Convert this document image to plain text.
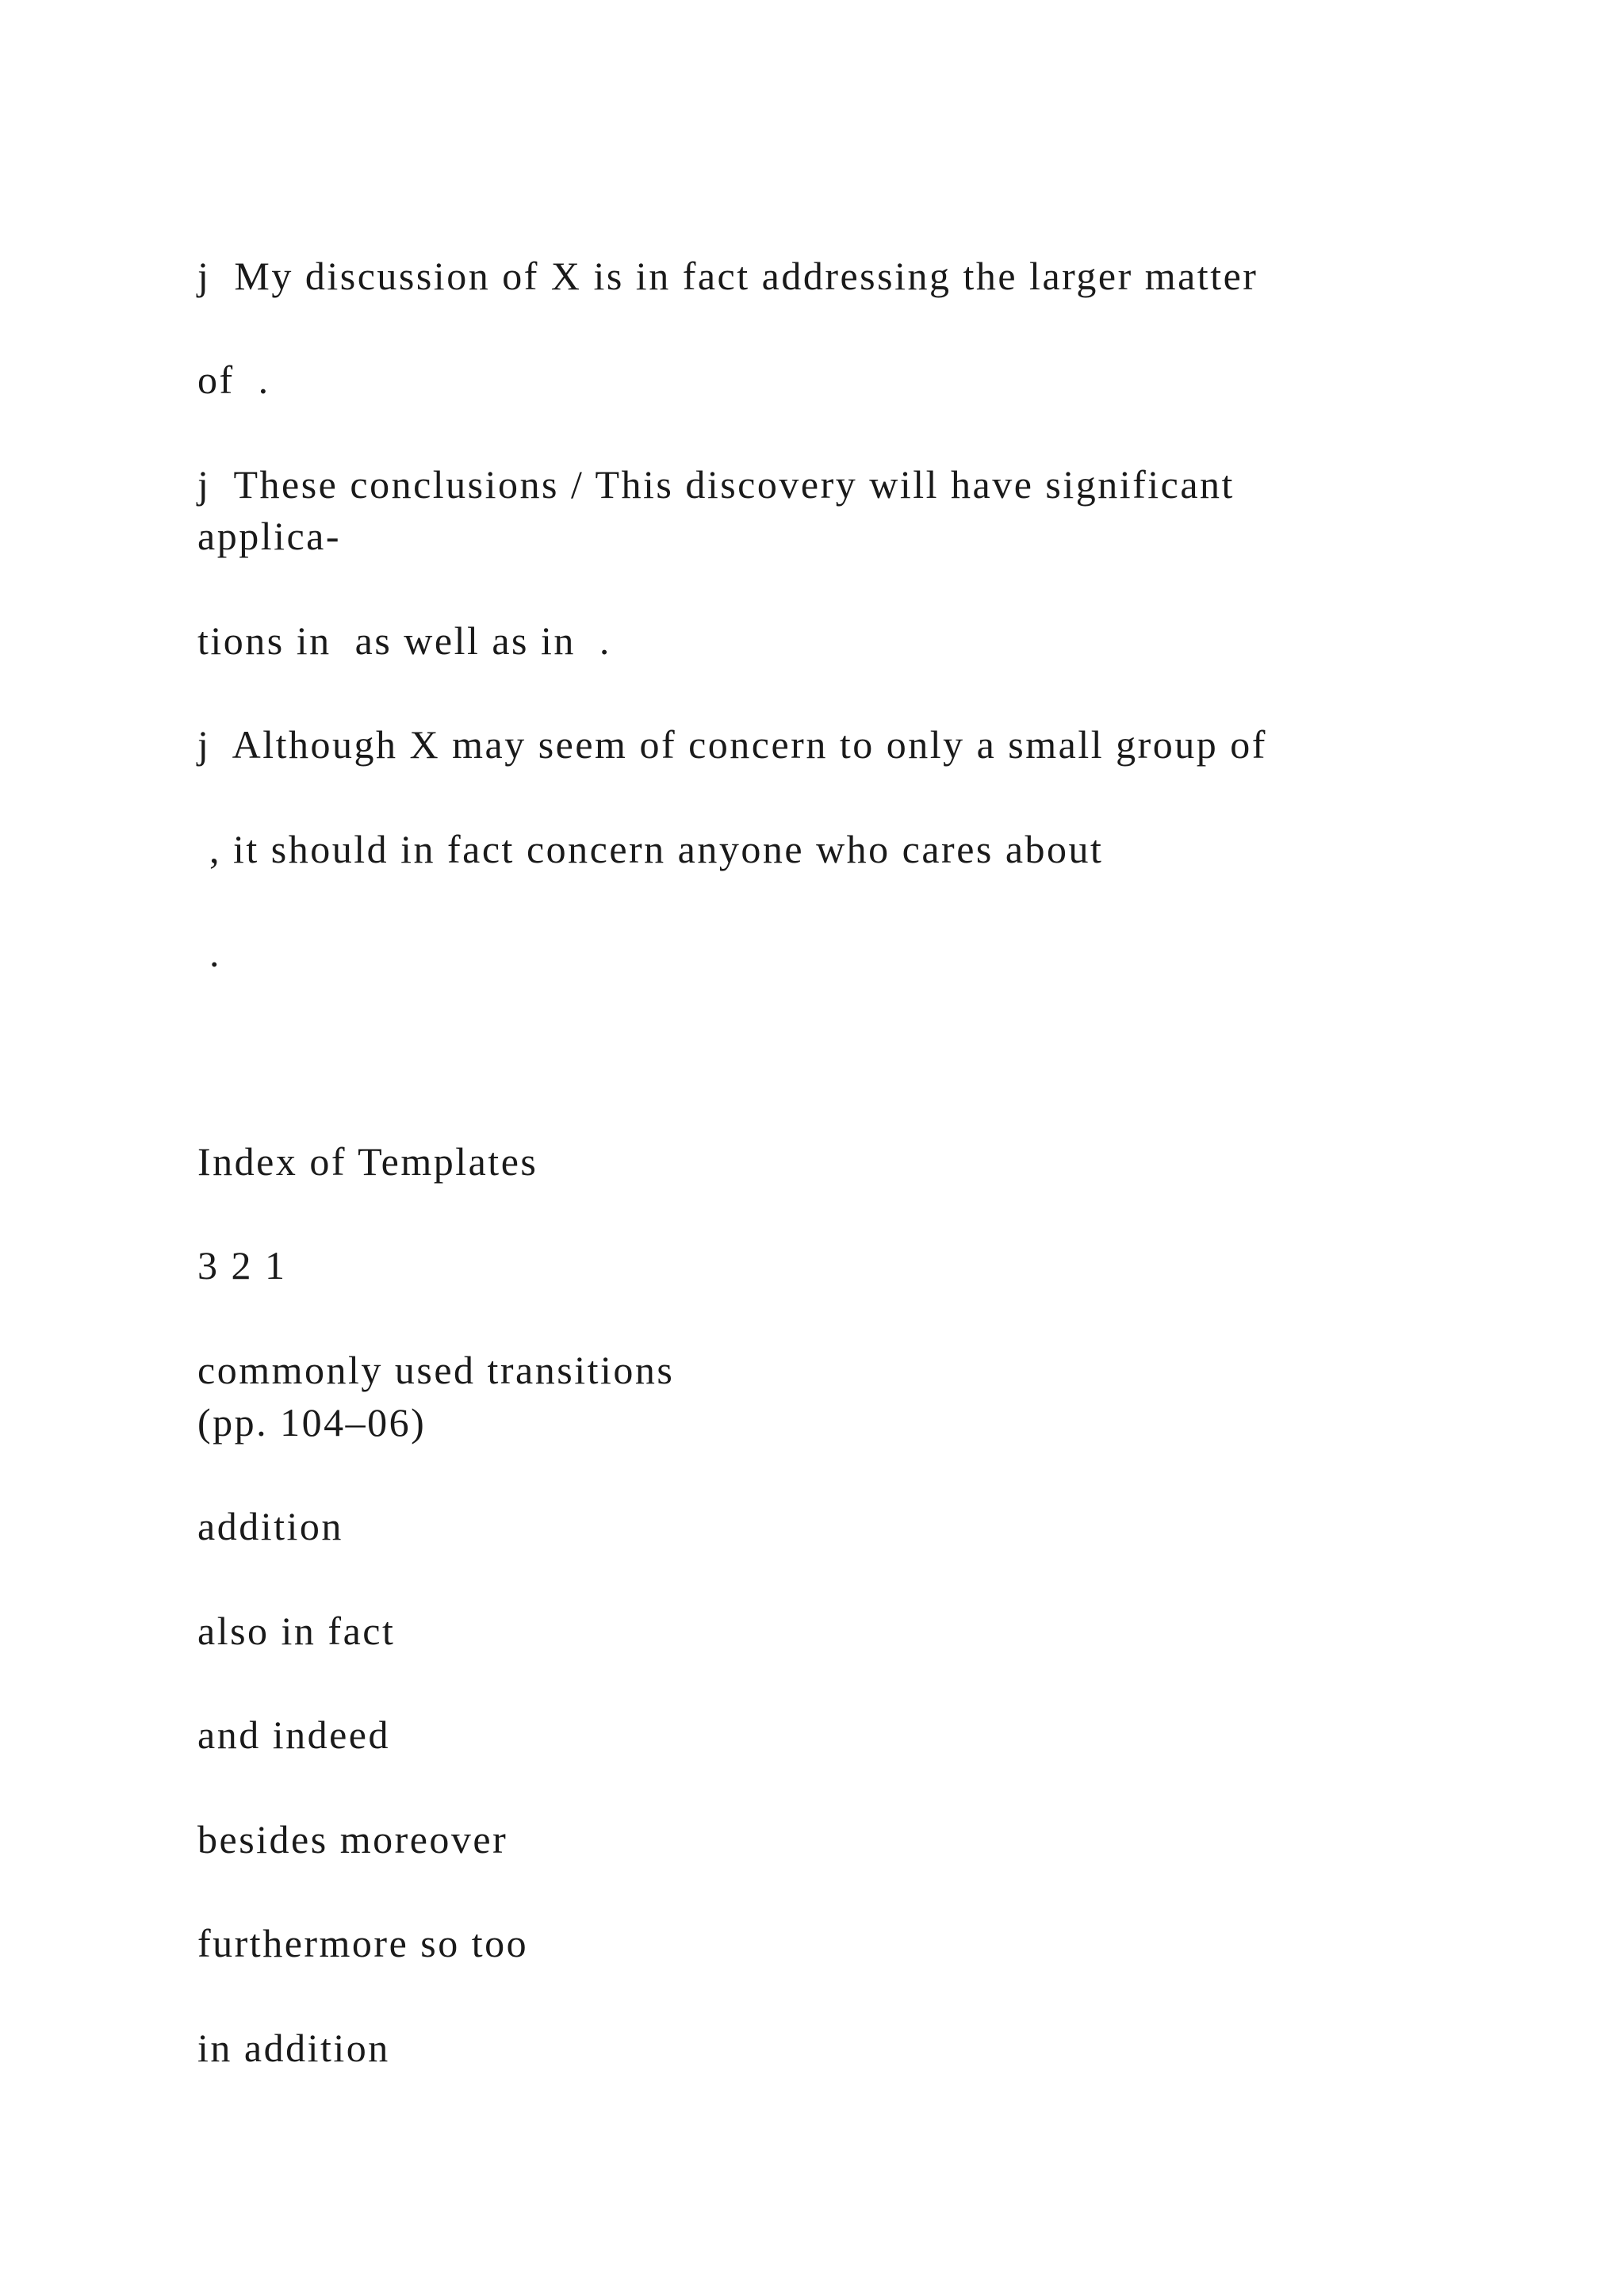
j  My discussion of X is in fact addressing the larger matter

of  .

j  These conclusions / This discovery will have significant

applica-

tions in  as well as in  .

j  Although X may seem of concern to only a small group of

, it should in fact concern anyone who cares about

.

Index of Templates

3 2 1

commonly used transitions

(pp. 104–06)

addition

also in fact

and indeed

besides moreover

furthermore so too

in addition
